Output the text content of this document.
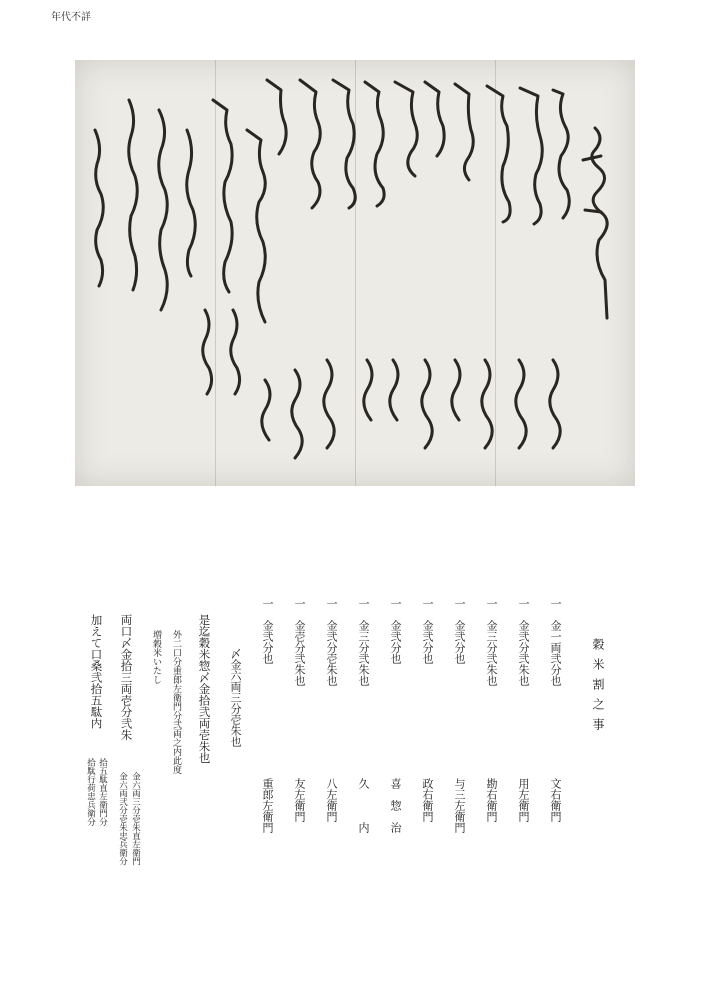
年代不詳
穀米割之事
一　金一両弐分也
文右衛門
一　金弐分弐朱也
用左衛門
一　金三分弐朱也
勘右衛門
一　金弐分也
与三左衛門
一　金弐分也
政右衛門
一　金弐分也
喜　惣　治
一　金三分弐朱也
久　　　内
一　金弐分壱朱也
八左衛門
一　金壱分弐朱也
友左衛門
一　金弐分也
重郎左衛門
〆金六両三分壱朱也
是迄穀米惣〆金拾弐両壱朱也
外二口分重郎左衛門分弐両之内此度
増穀米いたし
両口〆金拾三両壱分弐朱
金六両三分壱朱直左衛門
金六両弐分壱朱忠兵衛分
加えて口桑弐拾五駄内
拾五駄直左衛門分
拾駄行荷忠兵衛分
